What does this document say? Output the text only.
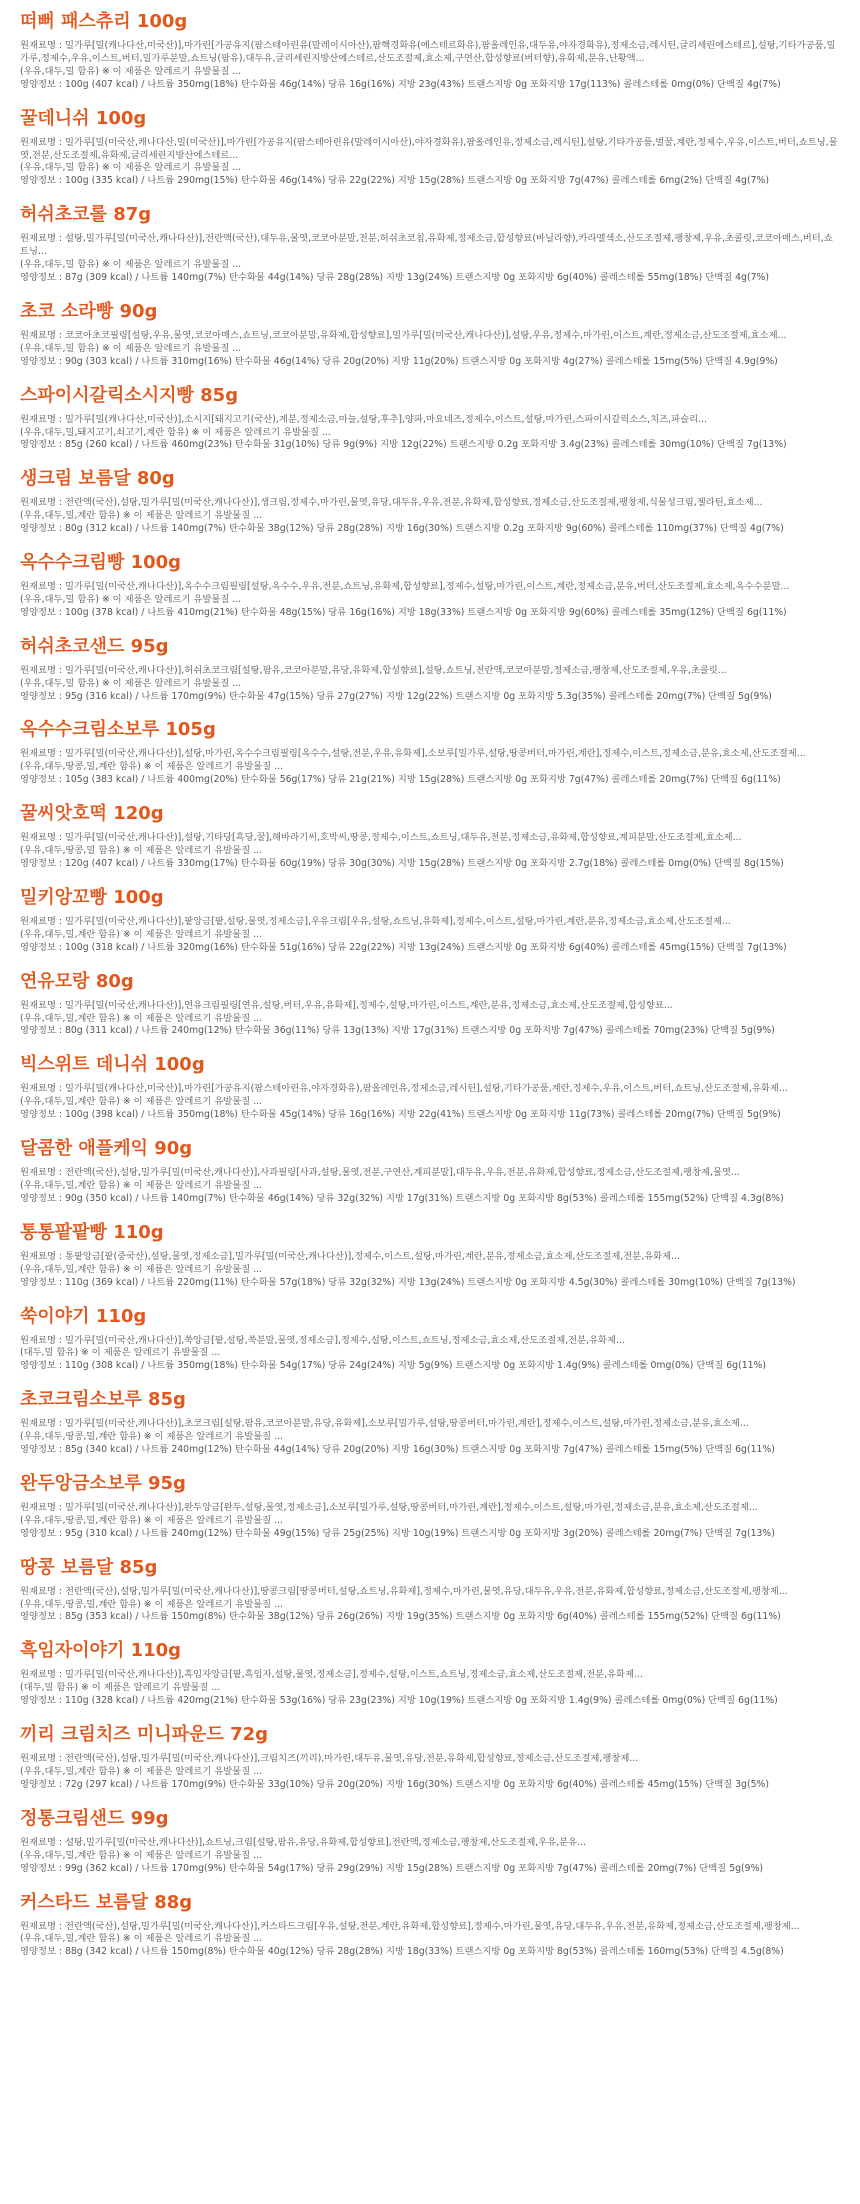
떠뻐 패스츄리 100g
원재료명 : 밀가루[밀(캐나다산,미국산)],마가린[가공유지(팜스테아린유(말레이시아산),팜핵경화유(에스테르화유),팜올레인유,대두유,야자경화유),정제소금,레시틴,글리세린에스테르],설탕,기타가공품,밀가루,정제수,우유,이스트,버터,밀가루분말,쇼트닝(팜유),대두유,글리세린지방산에스테르,산도조절제,효소제,구연산,합성향료(버터향),유화제,분유,난황액...
(우유,대두,밀 함유) ※ 이 제품은 알레르기 유발물질 ...
영양정보 : 100g (407 kcal) / 나트륨 350mg(18%) 탄수화물 46g(14%) 당류 16g(16%) 지방 23g(43%) 트랜스지방 0g 포화지방 17g(113%) 콜레스테롤 0mg(0%) 단백질 4g(7%)
꿀데니쉬 100g
원재료명 : 밀가루[밀(미국산,캐나다산,밀(미국산)],마가린[가공유지(팜스테아린유(말레이시아산),야자경화유),팜올레인유,정제소금,레시틴],설탕,기타가공품,벌꿀,계란,정제수,우유,이스트,버터,쇼트닝,물엿,전분,산도조절제,유화제,글리세린지방산에스테르...
(우유,대두,밀 함유) ※ 이 제품은 알레르기 유발물질 ...
영양정보 : 100g (335 kcal) / 나트륨 290mg(15%) 탄수화물 46g(14%) 당류 22g(22%) 지방 15g(28%) 트랜스지방 0g 포화지방 7g(47%) 콜레스테롤 6mg(2%) 단백질 4g(7%)
허쉬초코롤 87g
원재료명 : 설탕,밀가루[밀(미국산,캐나다산)],전란액(국산),대두유,물엿,코코아분말,전분,허쉬초코칩,유화제,정제소금,합성향료(바닐라향),카라멜색소,산도조절제,팽창제,우유,초콜릿,코코아매스,버터,쇼트닝...
(우유,대두,밀 함유) ※ 이 제품은 알레르기 유발물질 ...
영양정보 : 87g (309 kcal) / 나트륨 140mg(7%) 탄수화물 44g(14%) 당류 28g(28%) 지방 13g(24%) 트랜스지방 0g 포화지방 6g(40%) 콜레스테롤 55mg(18%) 단백질 4g(7%)
초코 소라빵 90g
원재료명 : 코코아초코필링[설탕,우유,물엿,코코아매스,쇼트닝,코코아분말,유화제,합성향료],밀가루[밀(미국산,캐나다산)],설탕,우유,정제수,마가린,이스트,계란,정제소금,산도조절제,효소제...
(우유,대두,밀 함유) ※ 이 제품은 알레르기 유발물질 ...
영양정보 : 90g (303 kcal) / 나트륨 310mg(16%) 탄수화물 46g(14%) 당류 20g(20%) 지방 11g(20%) 트랜스지방 0g 포화지방 4g(27%) 콜레스테롤 15mg(5%) 단백질 4.9g(9%)
스파이시갈릭소시지빵 85g
원재료명 : 밀가루[밀(캐나다산,미국산)],소시지[돼지고기(국산),계분,정제소금,마늘,설탕,후추],양파,마요네즈,정제수,이스트,설탕,마가린,스파이시갈릭소스,치즈,파슬리...
(우유,대두,밀,돼지고기,쇠고기,계란 함유) ※ 이 제품은 알레르기 유발물질 ...
영양정보 : 85g (260 kcal) / 나트륨 460mg(23%) 탄수화물 31g(10%) 당류 9g(9%) 지방 12g(22%) 트랜스지방 0.2g 포화지방 3.4g(23%) 콜레스테롤 30mg(10%) 단백질 7g(13%)
생크림 보름달 80g
원재료명 : 전란액(국산),설탕,밀가루[밀(미국산,캐나다산)],생크림,정제수,마가린,물엿,유당,대두유,우유,전분,유화제,합성향료,정제소금,산도조절제,팽창제,식물성크림,젤라틴,효소제...
(우유,대두,밀,계란 함유) ※ 이 제품은 알레르기 유발물질 ...
영양정보 : 80g (312 kcal) / 나트륨 140mg(7%) 탄수화물 38g(12%) 당류 28g(28%) 지방 16g(30%) 트랜스지방 0.2g 포화지방 9g(60%) 콜레스테롤 110mg(37%) 단백질 4g(7%)
옥수수크림빵 100g
원재료명 : 밀가루[밀(미국산,캐나다산)],옥수수크림필링[설탕,옥수수,우유,전분,쇼트닝,유화제,합성향료],정제수,설탕,마가린,이스트,계란,정제소금,분유,버터,산도조절제,효소제,옥수수분말...
(우유,대두,밀 함유) ※ 이 제품은 알레르기 유발물질 ...
영양정보 : 100g (378 kcal) / 나트륨 410mg(21%) 탄수화물 48g(15%) 당류 16g(16%) 지방 18g(33%) 트랜스지방 0g 포화지방 9g(60%) 콜레스테롤 35mg(12%) 단백질 6g(11%)
허쉬초코샌드 95g
원재료명 : 밀가루[밀(미국산,캐나다산)],허쉬초코크림[설탕,팜유,코코아분말,유당,유화제,합성향료],설탕,쇼트닝,전란액,코코아분말,정제소금,팽창제,산도조절제,우유,초콜릿...
(우유,대두,밀 함유) ※ 이 제품은 알레르기 유발물질 ...
영양정보 : 95g (316 kcal) / 나트륨 170mg(9%) 탄수화물 47g(15%) 당류 27g(27%) 지방 12g(22%) 트랜스지방 0g 포화지방 5.3g(35%) 콜레스테롤 20mg(7%) 단백질 5g(9%)
옥수수크림소보루 105g
원재료명 : 밀가루[밀(미국산,캐나다산)],설탕,마가린,옥수수크림필링[옥수수,설탕,전분,우유,유화제],소보루[밀가루,설탕,땅콩버터,마가린,계란],정제수,이스트,정제소금,분유,효소제,산도조절제...
(우유,대두,땅콩,밀,계란 함유) ※ 이 제품은 알레르기 유발물질 ...
영양정보 : 105g (383 kcal) / 나트륨 400mg(20%) 탄수화물 56g(17%) 당류 21g(21%) 지방 15g(28%) 트랜스지방 0g 포화지방 7g(47%) 콜레스테롤 20mg(7%) 단백질 6g(11%)
꿀씨앗호떡 120g
원재료명 : 밀가루[밀(미국산,캐나다산)],설탕,기타당[흑당,꿀],해바라기씨,호박씨,땅콩,정제수,이스트,쇼트닝,대두유,전분,정제소금,유화제,합성향료,계피분말,산도조절제,효소제...
(우유,대두,땅콩,밀 함유) ※ 이 제품은 알레르기 유발물질 ...
영양정보 : 120g (407 kcal) / 나트륨 330mg(17%) 탄수화물 60g(19%) 당류 30g(30%) 지방 15g(28%) 트랜스지방 0g 포화지방 2.7g(18%) 콜레스테롤 0mg(0%) 단백질 8g(15%)
밀키앙꼬빵 100g
원재료명 : 밀가루[밀(미국산,캐나다산)],팥앙금[팥,설탕,물엿,정제소금],우유크림[우유,설탕,쇼트닝,유화제],정제수,이스트,설탕,마가린,계란,분유,정제소금,효소제,산도조절제...
(우유,대두,밀,계란 함유) ※ 이 제품은 알레르기 유발물질 ...
영양정보 : 100g (318 kcal) / 나트륨 320mg(16%) 탄수화물 51g(16%) 당류 22g(22%) 지방 13g(24%) 트랜스지방 0g 포화지방 6g(40%) 콜레스테롤 45mg(15%) 단백질 7g(13%)
연유모랑 80g
원재료명 : 밀가루[밀(미국산,캐나다산)],연유크림필링[연유,설탕,버터,우유,유화제],정제수,설탕,마가린,이스트,계란,분유,정제소금,효소제,산도조절제,합성향료...
(우유,대두,밀,계란 함유) ※ 이 제품은 알레르기 유발물질 ...
영양정보 : 80g (311 kcal) / 나트륨 240mg(12%) 탄수화물 36g(11%) 당류 13g(13%) 지방 17g(31%) 트랜스지방 0g 포화지방 7g(47%) 콜레스테롤 70mg(23%) 단백질 5g(9%)
빅스위트 데니쉬 100g
원재료명 : 밀가루[밀(캐나다산,미국산)],마가린[가공유지(팜스테아린유,야자경화유),팜올레인유,정제소금,레시틴],설탕,기타가공품,계란,정제수,우유,이스트,버터,쇼트닝,산도조절제,유화제...
(우유,대두,밀,계란 함유) ※ 이 제품은 알레르기 유발물질 ...
영양정보 : 100g (398 kcal) / 나트륨 350mg(18%) 탄수화물 45g(14%) 당류 16g(16%) 지방 22g(41%) 트랜스지방 0g 포화지방 11g(73%) 콜레스테롤 20mg(7%) 단백질 5g(9%)
달콤한 애플케익 90g
원재료명 : 전란액(국산),설탕,밀가루[밀(미국산,캐나다산)],사과필링[사과,설탕,물엿,전분,구연산,계피분말],대두유,우유,전분,유화제,합성향료,정제소금,산도조절제,팽창제,물엿...
(우유,대두,밀,계란 함유) ※ 이 제품은 알레르기 유발물질 ...
영양정보 : 90g (350 kcal) / 나트륨 140mg(7%) 탄수화물 46g(14%) 당류 32g(32%) 지방 17g(31%) 트랜스지방 0g 포화지방 8g(53%) 콜레스테롤 155mg(52%) 단백질 4.3g(8%)
통통팥팥빵 110g
원재료명 : 통팥앙금[팥(중국산),설탕,물엿,정제소금],밀가루[밀(미국산,캐나다산)],정제수,이스트,설탕,마가린,계란,분유,정제소금,효소제,산도조절제,전분,유화제...
(우유,대두,밀,계란 함유) ※ 이 제품은 알레르기 유발물질 ...
영양정보 : 110g (369 kcal) / 나트륨 220mg(11%) 탄수화물 57g(18%) 당류 32g(32%) 지방 13g(24%) 트랜스지방 0g 포화지방 4.5g(30%) 콜레스테롤 30mg(10%) 단백질 7g(13%)
쑥이야기 110g
원재료명 : 밀가루[밀(미국산,캐나다산)],쑥앙금[팥,설탕,쑥분말,물엿,정제소금],정제수,설탕,이스트,쇼트닝,정제소금,효소제,산도조절제,전분,유화제...
(대두,밀 함유) ※ 이 제품은 알레르기 유발물질 ...
영양정보 : 110g (308 kcal) / 나트륨 350mg(18%) 탄수화물 54g(17%) 당류 24g(24%) 지방 5g(9%) 트랜스지방 0g 포화지방 1.4g(9%) 콜레스테롤 0mg(0%) 단백질 6g(11%)
초코크림소보루 85g
원재료명 : 밀가루[밀(미국산,캐나다산)],초코크림[설탕,팜유,코코아분말,유당,유화제],소보루[밀가루,설탕,땅콩버터,마가린,계란],정제수,이스트,설탕,마가린,정제소금,분유,효소제...
(우유,대두,땅콩,밀,계란 함유) ※ 이 제품은 알레르기 유발물질 ...
영양정보 : 85g (340 kcal) / 나트륨 240mg(12%) 탄수화물 44g(14%) 당류 20g(20%) 지방 16g(30%) 트랜스지방 0g 포화지방 7g(47%) 콜레스테롤 15mg(5%) 단백질 6g(11%)
완두앙금소보루 95g
원재료명 : 밀가루[밀(미국산,캐나다산)],완두앙금[완두,설탕,물엿,정제소금],소보루[밀가루,설탕,땅콩버터,마가린,계란],정제수,이스트,설탕,마가린,정제소금,분유,효소제,산도조절제...
(우유,대두,땅콩,밀,계란 함유) ※ 이 제품은 알레르기 유발물질 ...
영양정보 : 95g (310 kcal) / 나트륨 240mg(12%) 탄수화물 49g(15%) 당류 25g(25%) 지방 10g(19%) 트랜스지방 0g 포화지방 3g(20%) 콜레스테롤 20mg(7%) 단백질 7g(13%)
땅콩 보름달 85g
원재료명 : 전란액(국산),설탕,밀가루[밀(미국산,캐나다산)],땅콩크림[땅콩버터,설탕,쇼트닝,유화제],정제수,마가린,물엿,유당,대두유,우유,전분,유화제,합성향료,정제소금,산도조절제,팽창제...
(우유,대두,땅콩,밀,계란 함유) ※ 이 제품은 알레르기 유발물질 ...
영양정보 : 85g (353 kcal) / 나트륨 150mg(8%) 탄수화물 38g(12%) 당류 26g(26%) 지방 19g(35%) 트랜스지방 0g 포화지방 6g(40%) 콜레스테롤 155mg(52%) 단백질 6g(11%)
흑임자이야기 110g
원재료명 : 밀가루[밀(미국산,캐나다산)],흑임자앙금[팥,흑임자,설탕,물엿,정제소금],정제수,설탕,이스트,쇼트닝,정제소금,효소제,산도조절제,전분,유화제...
(대두,밀 함유) ※ 이 제품은 알레르기 유발물질 ...
영양정보 : 110g (328 kcal) / 나트륨 420mg(21%) 탄수화물 53g(16%) 당류 23g(23%) 지방 10g(19%) 트랜스지방 0g 포화지방 1.4g(9%) 콜레스테롤 0mg(0%) 단백질 6g(11%)
끼리 크림치즈 미니파운드 72g
원재료명 : 전란액(국산),설탕,밀가루[밀(미국산,캐나다산)],크림치즈(끼리),마가린,대두유,물엿,유당,전분,유화제,합성향료,정제소금,산도조절제,팽창제...
(우유,대두,밀,계란 함유) ※ 이 제품은 알레르기 유발물질 ...
영양정보 : 72g (297 kcal) / 나트륨 170mg(9%) 탄수화물 33g(10%) 당류 20g(20%) 지방 16g(30%) 트랜스지방 0g 포화지방 6g(40%) 콜레스테롤 45mg(15%) 단백질 3g(5%)
정통크림샌드 99g
원재료명 : 설탕,밀가루[밀(미국산,캐나다산)],쇼트닝,크림[설탕,팜유,유당,유화제,합성향료],전란액,정제소금,팽창제,산도조절제,우유,분유...
(우유,대두,밀,계란 함유) ※ 이 제품은 알레르기 유발물질 ...
영양정보 : 99g (362 kcal) / 나트륨 170mg(9%) 탄수화물 54g(17%) 당류 29g(29%) 지방 15g(28%) 트랜스지방 0g 포화지방 7g(47%) 콜레스테롤 20mg(7%) 단백질 5g(9%)
커스타드 보름달 88g
원재료명 : 전란액(국산),설탕,밀가루[밀(미국산,캐나다산)],커스타드크림[우유,설탕,전분,계란,유화제,합성향료],정제수,마가린,물엿,유당,대두유,우유,전분,유화제,정제소금,산도조절제,팽창제...
(우유,대두,밀,계란 함유) ※ 이 제품은 알레르기 유발물질 ...
영양정보 : 88g (342 kcal) / 나트륨 150mg(8%) 탄수화물 40g(12%) 당류 28g(28%) 지방 18g(33%) 트랜스지방 0g 포화지방 8g(53%) 콜레스테롤 160mg(53%) 단백질 4.5g(8%)
